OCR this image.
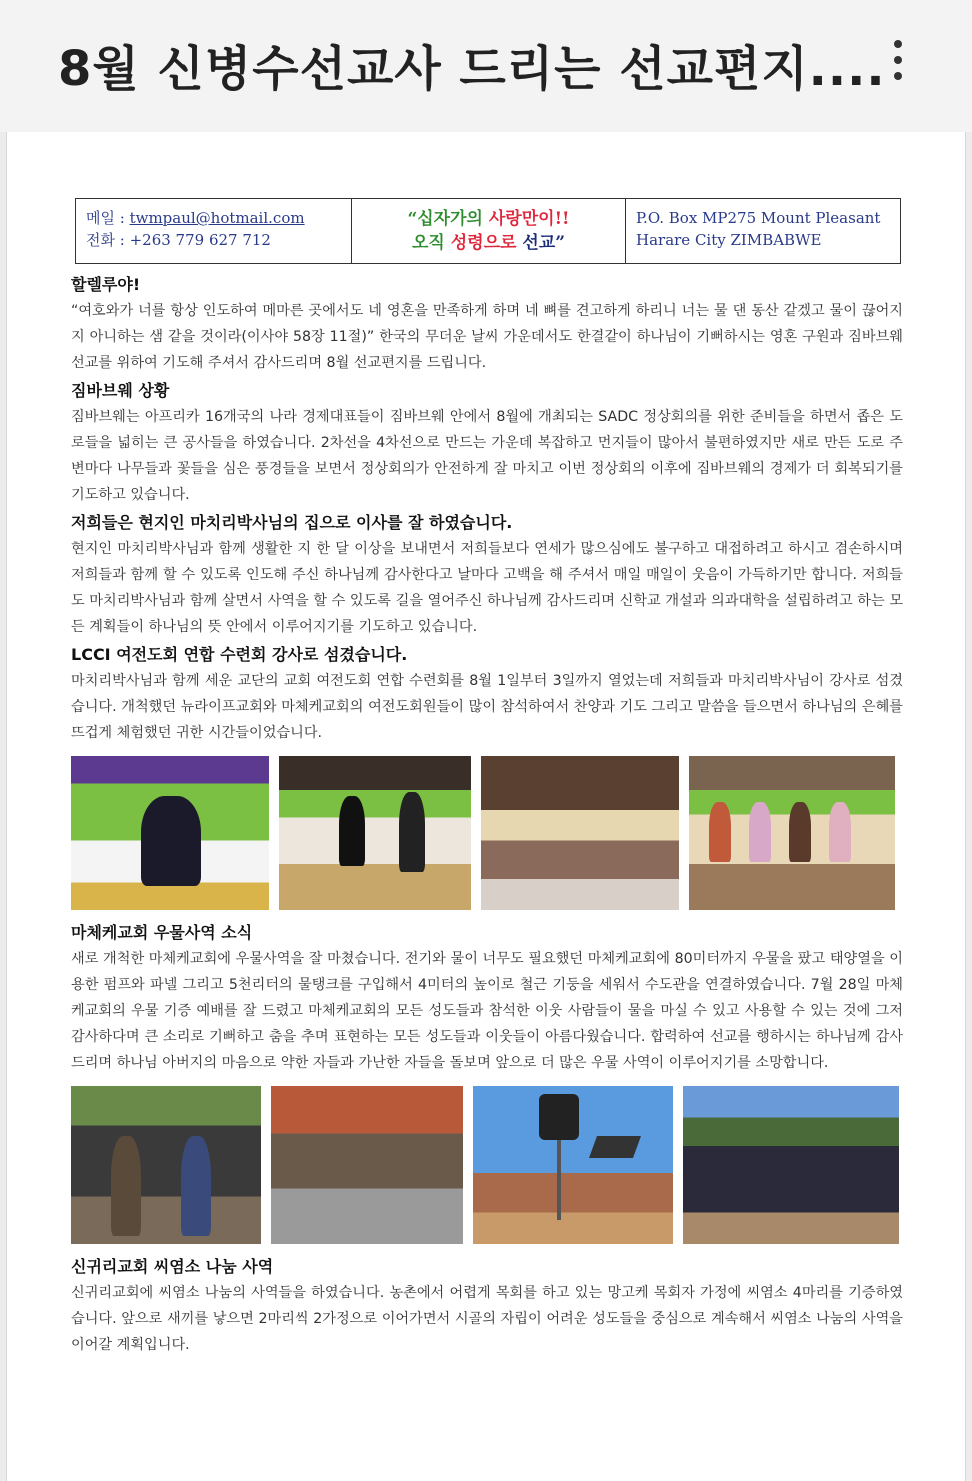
8월 신병수선교사 드리는 선교편지....
메일 : twmpaul@hotmail.com
전화 : +263 779 627 712
“십자가의 사랑만이!!
오직 성령으로 선교”
P.O. Box MP275 Mount Pleasant
Harare City ZIMBABWE
할렐루야!

“여호와가 너를 항상 인도하여 메마른 곳에서도 네 영혼을 만족하게 하며 네 뼈를 견고하게 하리니 너는 물 댄 동산 같겠고 물이 끊어지지 아니하는 샘 같을 것이라(이사야 58장 11절)” 한국의 무더운 날씨 가운데서도 한결같이 하나님이 기뻐하시는 영혼 구원과 짐바브웨 선교를 위하여 기도해 주셔서 감사드리며 8월 선교편지를 드립니다.

짐바브웨 상황

짐바브웨는 아프리카 16개국의 나라 경제대표들이 짐바브웨 안에서 8월에 개최되는 SADC 정상회의를 위한 준비들을 하면서 좁은 도로들을 넓히는 큰 공사들을 하였습니다. 2차선을 4차선으로 만드는 가운데 복잡하고 먼지들이 많아서 불편하였지만 새로 만든 도로 주변마다 나무들과 꽃들을 심은 풍경들을 보면서 정상회의가 안전하게 잘 마치고 이번 정상회의 이후에 짐바브웨의 경제가 더 회복되기를 기도하고 있습니다.

저희들은 현지인 마치리박사님의 집으로 이사를 잘 하였습니다.

현지인 마치리박사님과 함께 생활한 지 한 달 이상을 보내면서 저희들보다 연세가 많으심에도 불구하고 대접하려고 하시고 겸손하시며 저희들과 함께 할 수 있도록 인도해 주신 하나님께 감사한다고 날마다 고백을 해 주셔서 매일 매일이 웃음이 가득하기만 합니다. 저희들도 마치리박사님과 함께 살면서 사역을 할 수 있도록 길을 열어주신 하나님께 감사드리며 신학교 개설과 의과대학을 설립하려고 하는 모든 계획들이 하나님의 뜻 안에서 이루어지기를 기도하고 있습니다.

LCCI 여전도회 연합 수련회 강사로 섬겼습니다.

마치리박사님과 함께 세운 교단의 교회 여전도회 연합 수련회를 8월 1일부터 3일까지 열었는데 저희들과 마치리박사님이 강사로 섬겼습니다. 개척했던 뉴라이프교회와 마체케교회의 여전도회원들이 많이 참석하여서 찬양과 기도 그리고 말씀을 들으면서 하나님의 은혜를 뜨겁게 체험했던 귀한 시간들이었습니다.

마체케교회 우물사역 소식

새로 개척한 마체케교회에 우물사역을 잘 마쳤습니다. 전기와 물이 너무도 필요했던 마체케교회에 80미터까지 우물을 팠고 태양열을 이용한 펌프와 파넬 그리고 5천리터의 물탱크를 구입해서 4미터의 높이로 철근 기둥을 세워서 수도관을 연결하였습니다. 7월 28일 마체케교회의 우물 기증 예배를 잘 드렸고 마체케교회의 모든 성도들과 참석한 이웃 사람들이 물을 마실 수 있고 사용할 수 있는 것에 그저 감사하다며 큰 소리로 기뻐하고 춤을 추며 표현하는 모든 성도들과 이웃들이 아름다웠습니다. 합력하여 선교를 행하시는 하나님께 감사드리며 하나님 아버지의 마음으로 약한 자들과 가난한 자들을 돌보며 앞으로 더 많은 우물 사역이 이루어지기를 소망합니다.

신귀리교회 씨염소 나눔 사역

신귀리교회에 씨염소 나눔의 사역들을 하였습니다. 농촌에서 어렵게 목회를 하고 있는 망고케 목회자 가정에 씨염소 4마리를 기증하였습니다. 앞으로 새끼를 낳으면 2마리씩 2가정으로 이어가면서 시골의 자립이 어려운 성도들을 중심으로 계속해서 씨염소 나눔의 사역을 이어갈 계획입니다.
